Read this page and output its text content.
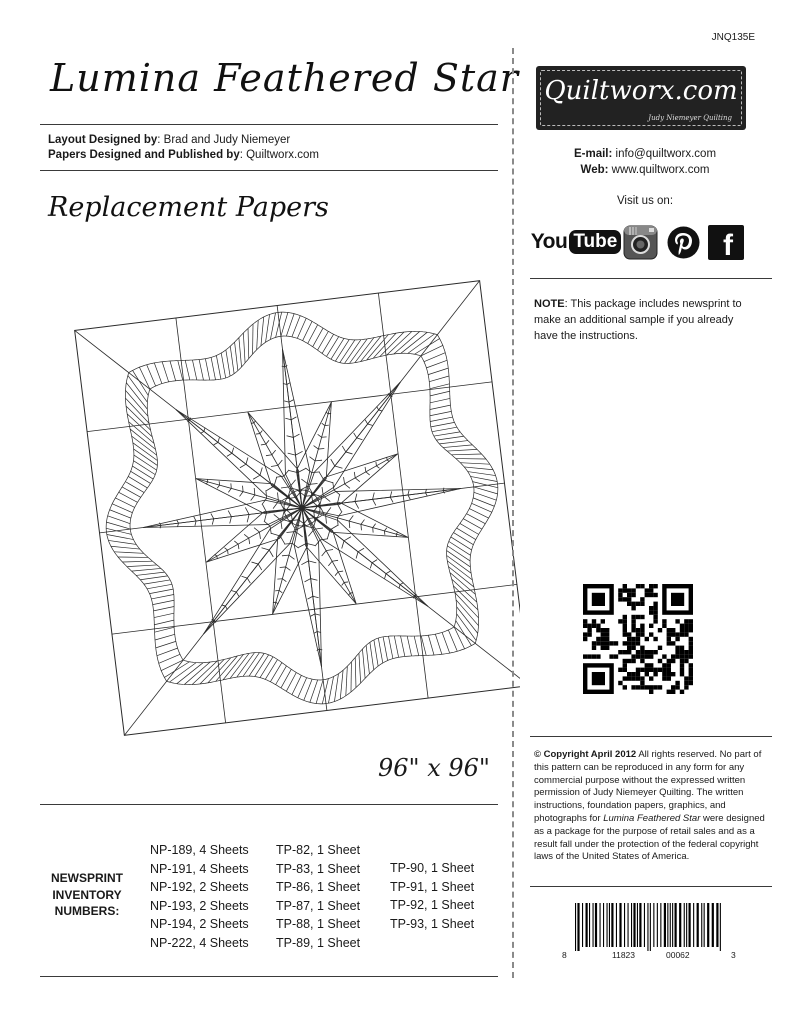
Lumina Feathered Star
Layout Designed by: Brad and Judy Niemeyer
Papers Designed and Published by: Quiltworx.com
Replacement Papers
96" x 96"
NEWSPRINT INVENTORY NUMBERS:
NP-189, 4 Sheets
NP-191, 4 Sheets
NP-192, 2 Sheets
NP-193, 2 Sheets
NP-194, 2 Sheets
NP-222, 4 Sheets
TP-82, 1 Sheet
TP-83, 1 Sheet
TP-86, 1 Sheet
TP-87, 1 Sheet
TP-88, 1 Sheet
TP-89, 1 Sheet
TP-90, 1 Sheet
TP-91, 1 Sheet
TP-92, 1 Sheet
TP-93, 1 Sheet
JNQ135E
Quiltworx.com
Judy Niemeyer Quilting
E-mail: info@quiltworx.com
Web: www.quiltworx.com
Visit us on:
You Tube	f
NOTE: This package includes newsprint to make an additional sample if you already have the instructions.
© Copyright April 2012 All rights reserved. No part of this pattern can be reproduced in any form for any commercial purpose without the expressed written permission of Judy Niemeyer Quilting. The written instructions, foundation papers, graphics, and photographs for Lumina Feathered Star were designed as a package for the purpose of retail sales and as a result fall under the protection of the federal copyright laws of the United States of America.
8	11823	00062	3
